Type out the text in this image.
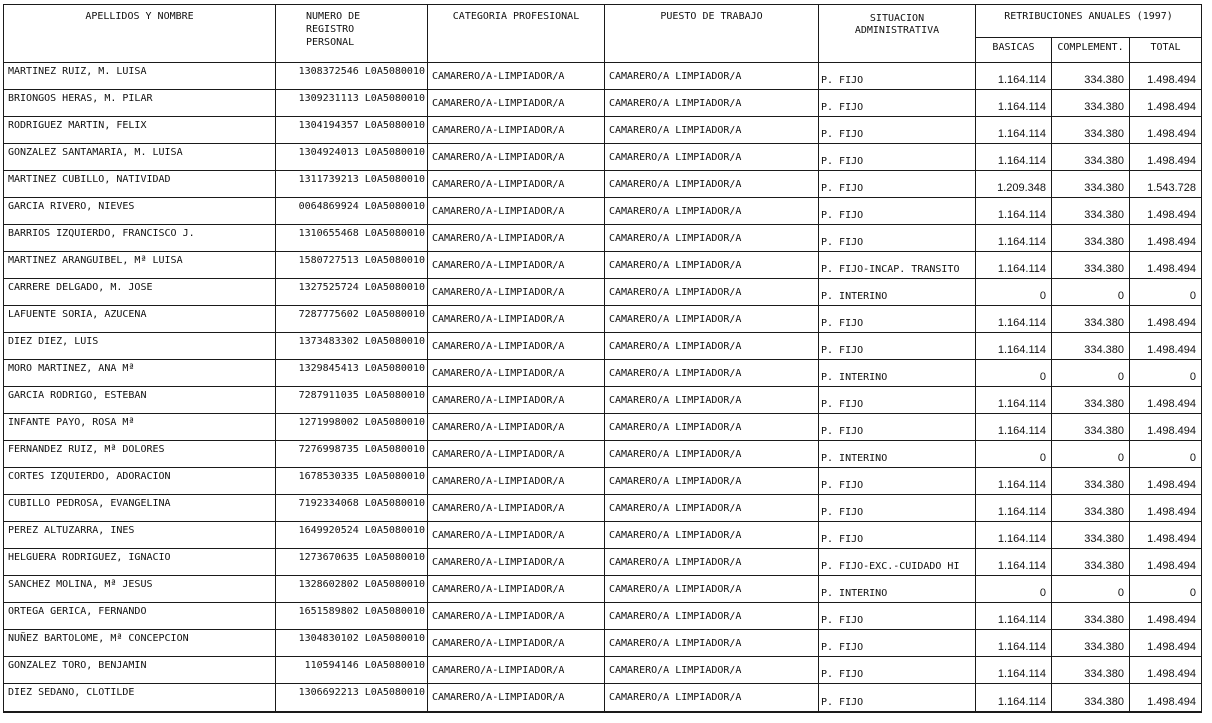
APELLIDOS Y NOMBRE	NUMERO DE
REGISTRO
PERSONAL	CATEGORIA PROFESIONAL	PUESTO DE TRABAJO	SITUACION
ADMINISTRATIVA	RETRIBUCIONES ANUALES (1997)		
					BASICAS	COMPLEMENT.	TOTAL
MARTINEZ RUIZ, M. LUISA	1308372546 L0A5080010	CAMARERO/A-LIMPIADOR/A	CAMARERO/A LIMPIADOR/A	P. FIJO	1.164.114	334.380	1.498.494
BRIONGOS HERAS, M. PILAR	1309231113 L0A5080010	CAMARERO/A-LIMPIADOR/A	CAMARERO/A LIMPIADOR/A	P. FIJO	1.164.114	334.380	1.498.494
RODRIGUEZ MARTIN, FELIX	1304194357 L0A5080010	CAMARERO/A-LIMPIADOR/A	CAMARERO/A LIMPIADOR/A	P. FIJO	1.164.114	334.380	1.498.494
GONZALEZ SANTAMARIA, M. LUISA	1304924013 L0A5080010	CAMARERO/A-LIMPIADOR/A	CAMARERO/A LIMPIADOR/A	P. FIJO	1.164.114	334.380	1.498.494
MARTINEZ CUBILLO, NATIVIDAD	1311739213 L0A5080010	CAMARERO/A-LIMPIADOR/A	CAMARERO/A LIMPIADOR/A	P. FIJO	1.209.348	334.380	1.543.728
GARCIA RIVERO, NIEVES	0064869924 L0A5080010	CAMARERO/A-LIMPIADOR/A	CAMARERO/A LIMPIADOR/A	P. FIJO	1.164.114	334.380	1.498.494
BARRIOS IZQUIERDO, FRANCISCO J.	1310655468 L0A5080010	CAMARERO/A-LIMPIADOR/A	CAMARERO/A LIMPIADOR/A	P. FIJO	1.164.114	334.380	1.498.494
MARTINEZ ARANGUIBEL, Mª LUISA	1580727513 L0A5080010	CAMARERO/A-LIMPIADOR/A	CAMARERO/A LIMPIADOR/A	P. FIJO-INCAP. TRANSITO	1.164.114	334.380	1.498.494
CARRERE DELGADO, M. JOSE	1327525724 L0A5080010	CAMARERO/A-LIMPIADOR/A	CAMARERO/A LIMPIADOR/A	P. INTERINO	0	0	0
LAFUENTE SORIA, AZUCENA	7287775602 L0A5080010	CAMARERO/A-LIMPIADOR/A	CAMARERO/A LIMPIADOR/A	P. FIJO	1.164.114	334.380	1.498.494
DIEZ DIEZ, LUIS	1373483302 L0A5080010	CAMARERO/A-LIMPIADOR/A	CAMARERO/A LIMPIADOR/A	P. FIJO	1.164.114	334.380	1.498.494
MORO MARTINEZ, ANA Mª	1329845413 L0A5080010	CAMARERO/A-LIMPIADOR/A	CAMARERO/A LIMPIADOR/A	P. INTERINO	0	0	0
GARCIA RODRIGO, ESTEBAN	7287911035 L0A5080010	CAMARERO/A-LIMPIADOR/A	CAMARERO/A LIMPIADOR/A	P. FIJO	1.164.114	334.380	1.498.494
INFANTE PAYO, ROSA Mª	1271998002 L0A5080010	CAMARERO/A-LIMPIADOR/A	CAMARERO/A LIMPIADOR/A	P. FIJO	1.164.114	334.380	1.498.494
FERNANDEZ RUIZ, Mª DOLORES	7276998735 L0A5080010	CAMARERO/A-LIMPIADOR/A	CAMARERO/A LIMPIADOR/A	P. INTERINO	0	0	0
CORTES IZQUIERDO, ADORACION	1678530335 L0A5080010	CAMARERO/A-LIMPIADOR/A	CAMARERO/A LIMPIADOR/A	P. FIJO	1.164.114	334.380	1.498.494
CUBILLO PEDROSA, EVANGELINA	7192334068 L0A5080010	CAMARERO/A-LIMPIADOR/A	CAMARERO/A LIMPIADOR/A	P. FIJO	1.164.114	334.380	1.498.494
PEREZ ALTUZARRA, INES	1649920524 L0A5080010	CAMARERO/A-LIMPIADOR/A	CAMARERO/A LIMPIADOR/A	P. FIJO	1.164.114	334.380	1.498.494
HELGUERA RODRIGUEZ, IGNACIO	1273670635 L0A5080010	CAMARERO/A-LIMPIADOR/A	CAMARERO/A LIMPIADOR/A	P. FIJO-EXC.-CUIDADO HI	1.164.114	334.380	1.498.494
SANCHEZ MOLINA, Mª JESUS	1328602802 L0A5080010	CAMARERO/A-LIMPIADOR/A	CAMARERO/A LIMPIADOR/A	P. INTERINO	0	0	0
ORTEGA GERICA, FERNANDO	1651589802 L0A5080010	CAMARERO/A-LIMPIADOR/A	CAMARERO/A LIMPIADOR/A	P. FIJO	1.164.114	334.380	1.498.494
NUÑEZ BARTOLOME, Mª CONCEPCION	1304830102 L0A5080010	CAMARERO/A-LIMPIADOR/A	CAMARERO/A LIMPIADOR/A	P. FIJO	1.164.114	334.380	1.498.494
GONZALEZ TORO, BENJAMIN	110594146 L0A5080010	CAMARERO/A-LIMPIADOR/A	CAMARERO/A LIMPIADOR/A	P. FIJO	1.164.114	334.380	1.498.494
DIEZ SEDANO, CLOTILDE	1306692213 L0A5080010	CAMARERO/A-LIMPIADOR/A	CAMARERO/A LIMPIADOR/A	P. FIJO	1.164.114	334.380	1.498.494
